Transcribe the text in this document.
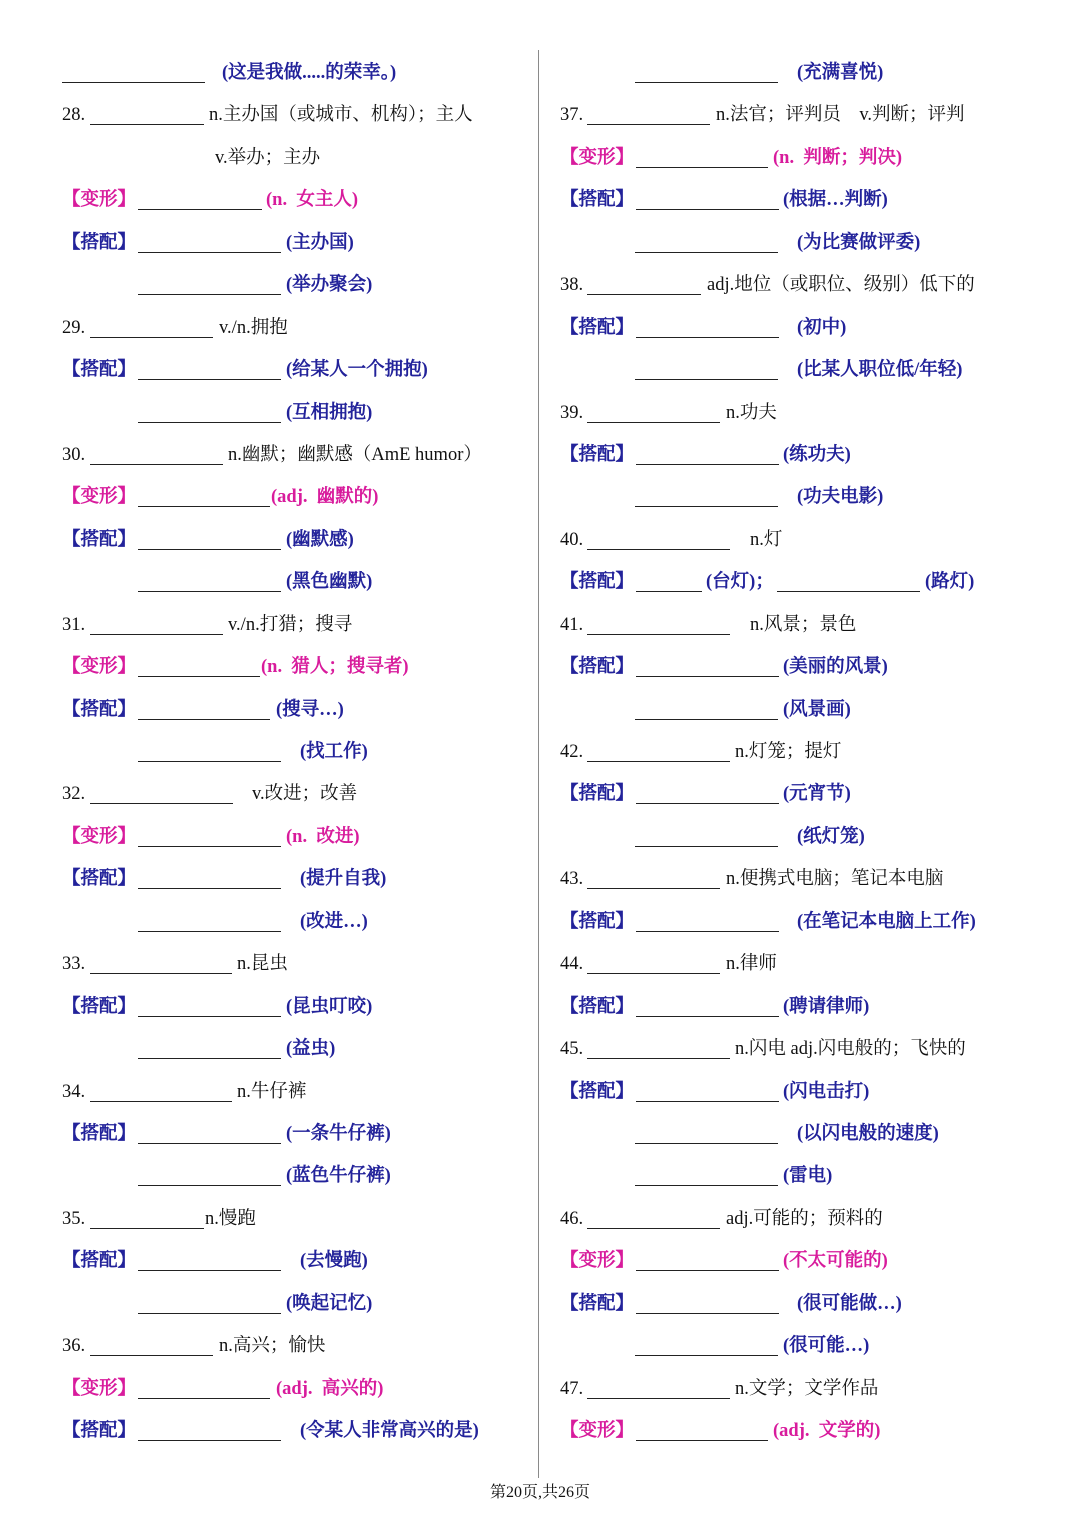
(这是我做.....的荣幸。)
28.	n.主办国（或城市、机构）；主人
v.举办；主办
【变形】	(n.  女主人)
【搭配】	(主办国)
(举办聚会)
29.	v./n.拥抱
【搭配】	(给某人一个拥抱)
(互相拥抱)
30.	n.幽默；幽默感（AmE humor）
【变形】	(adj.  幽默的)
【搭配】	(幽默感)
(黑色幽默)
31.	v./n.打猎；搜寻
【变形】	(n.  猎人；搜寻者)
【搭配】	(搜寻…)
(找工作)
32.	v.改进；改善
【变形】	(n.  改进)
【搭配】	(提升自我)
(改进…)
33.	n.昆虫
【搭配】	(昆虫叮咬)
(益虫)
34.	n.牛仔裤
【搭配】	(一条牛仔裤)
(蓝色牛仔裤)
35.	n.慢跑
【搭配】	(去慢跑)
(唤起记忆)
36.	n.高兴；愉快
【变形】	(adj.  高兴的)
【搭配】	(令某人非常高兴的是)
(充满喜悦)
37.	n.法官；评判员    v.判断；评判
【变形】	(n.  判断；判决)
【搭配】	(根据…判断)
(为比赛做评委)
38.	adj.地位（或职位、级别）低下的
【搭配】	(初中)
(比某人职位低/年轻)
39.	n.功夫
【搭配】	(练功夫)
(功夫电影)
40.	n.灯
【搭配】	(台灯)；	(路灯)
41.	n.风景；景色
【搭配】	(美丽的风景)
(风景画)
42.	n.灯笼；提灯
【搭配】	(元宵节)
(纸灯笼)
43.	n.便携式电脑；笔记本电脑
【搭配】	(在笔记本电脑上工作)
44.	n.律师
【搭配】	(聘请律师)
45.	n.闪电 adj.闪电般的；飞快的
【搭配】	(闪电击打)
(以闪电般的速度)
(雷电)
46.	adj.可能的；预料的
【变形】	(不太可能的)
【搭配】	(很可能做…)
(很可能…)
47.	n.文学；文学作品
【变形】	(adj.  文学的)
第20页,共26页
